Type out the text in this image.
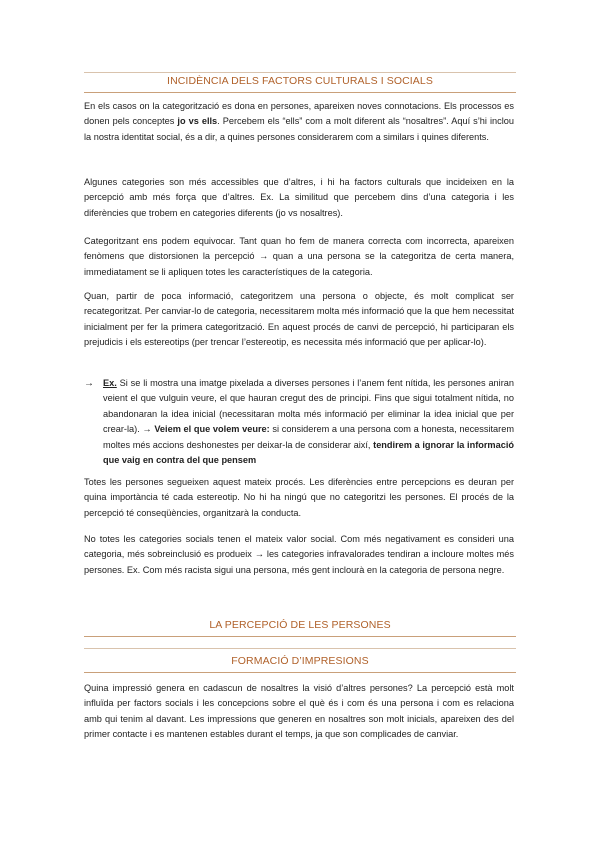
INCIDÈNCIA DELS FACTORS CULTURALS I SOCIALS

En els casos on la categorització es dona en persones, apareixen noves connotacions. Els processos es donen pels conceptes jo vs ells. Percebem els “ells” com a molt diferent als “nosaltres”. Aquí s’hi inclou la nostra identitat social, és a dir, a quines persones considerarem com a similars i quines diferents.

Algunes categories son més accessibles que d’altres, i hi ha factors culturals que incideixen en la percepció amb més força que d’altres. Ex. La similitud que percebem dins d’una categoria i les diferències que trobem en categories diferents (jo vs nosaltres).

Categoritzant ens podem equivocar. Tant quan ho fem de manera correcta com incorrecta, apareixen fenòmens que distorsionen la percepció → quan a una persona se la categoritza de certa manera, immediatament se li apliquen totes les característiques de la categoria.

Quan, partir de poca informació, categoritzem una persona o objecte, és molt complicat ser recategoritzat. Per canviar-lo de categoria, necessitarem molta més informació que la que hem necessitat inicialment per fer la primera categorització. En aquest procés de canvi de percepció, hi participaran els prejudicis i els estereotips (per trencar l’estereotip, es necessita més informació que per aplicar-lo).

→ Ex. Si se li mostra una imatge pixelada a diverses persones i l’anem fent nítida, les persones aniran veient el que vulguin veure, el que hauran cregut des de principi. Fins que sigui totalment nítida, no abandonaran la idea inicial (necessitaran molta més informació per eliminar la idea inicial que per crear-la). → Veiem el que volem veure: si considerem a una persona com a honesta, necessitarem moltes més accions deshonestes per deixar-la de considerar així, tendirem a ignorar la informació que vaig en contra del que pensem

Totes les persones segueixen aquest mateix procés. Les diferències entre percepcions es deuran per quina importància té cada estereotip. No hi ha ningú que no categoritzi les persones. El procés de la percepció té conseqüències, organitzarà la conducta.

No totes les categories socials tenen el mateix valor social. Com més negativament es consideri una categoria, més sobreinclusió es produeix → les categories infravalorades tendiran a incloure moltes més persones. Ex. Com més racista sigui una persona, més gent inclourà en la categoria de persona negre.

LA PERCEPCIÓ DE LES PERSONES
FORMACIÓ D’IMPRESIONS

Quina impressió genera en cadascun de nosaltres la visió d’altres persones? La percepció està molt influïda per factors socials i les concepcions sobre el què és i com és una persona i com es relaciona amb qui tenim al davant. Les impressions que generen en nosaltres son molt inicials, apareixen des del primer contacte i es mantenen estables durant el temps, ja que son complicades de canviar.
